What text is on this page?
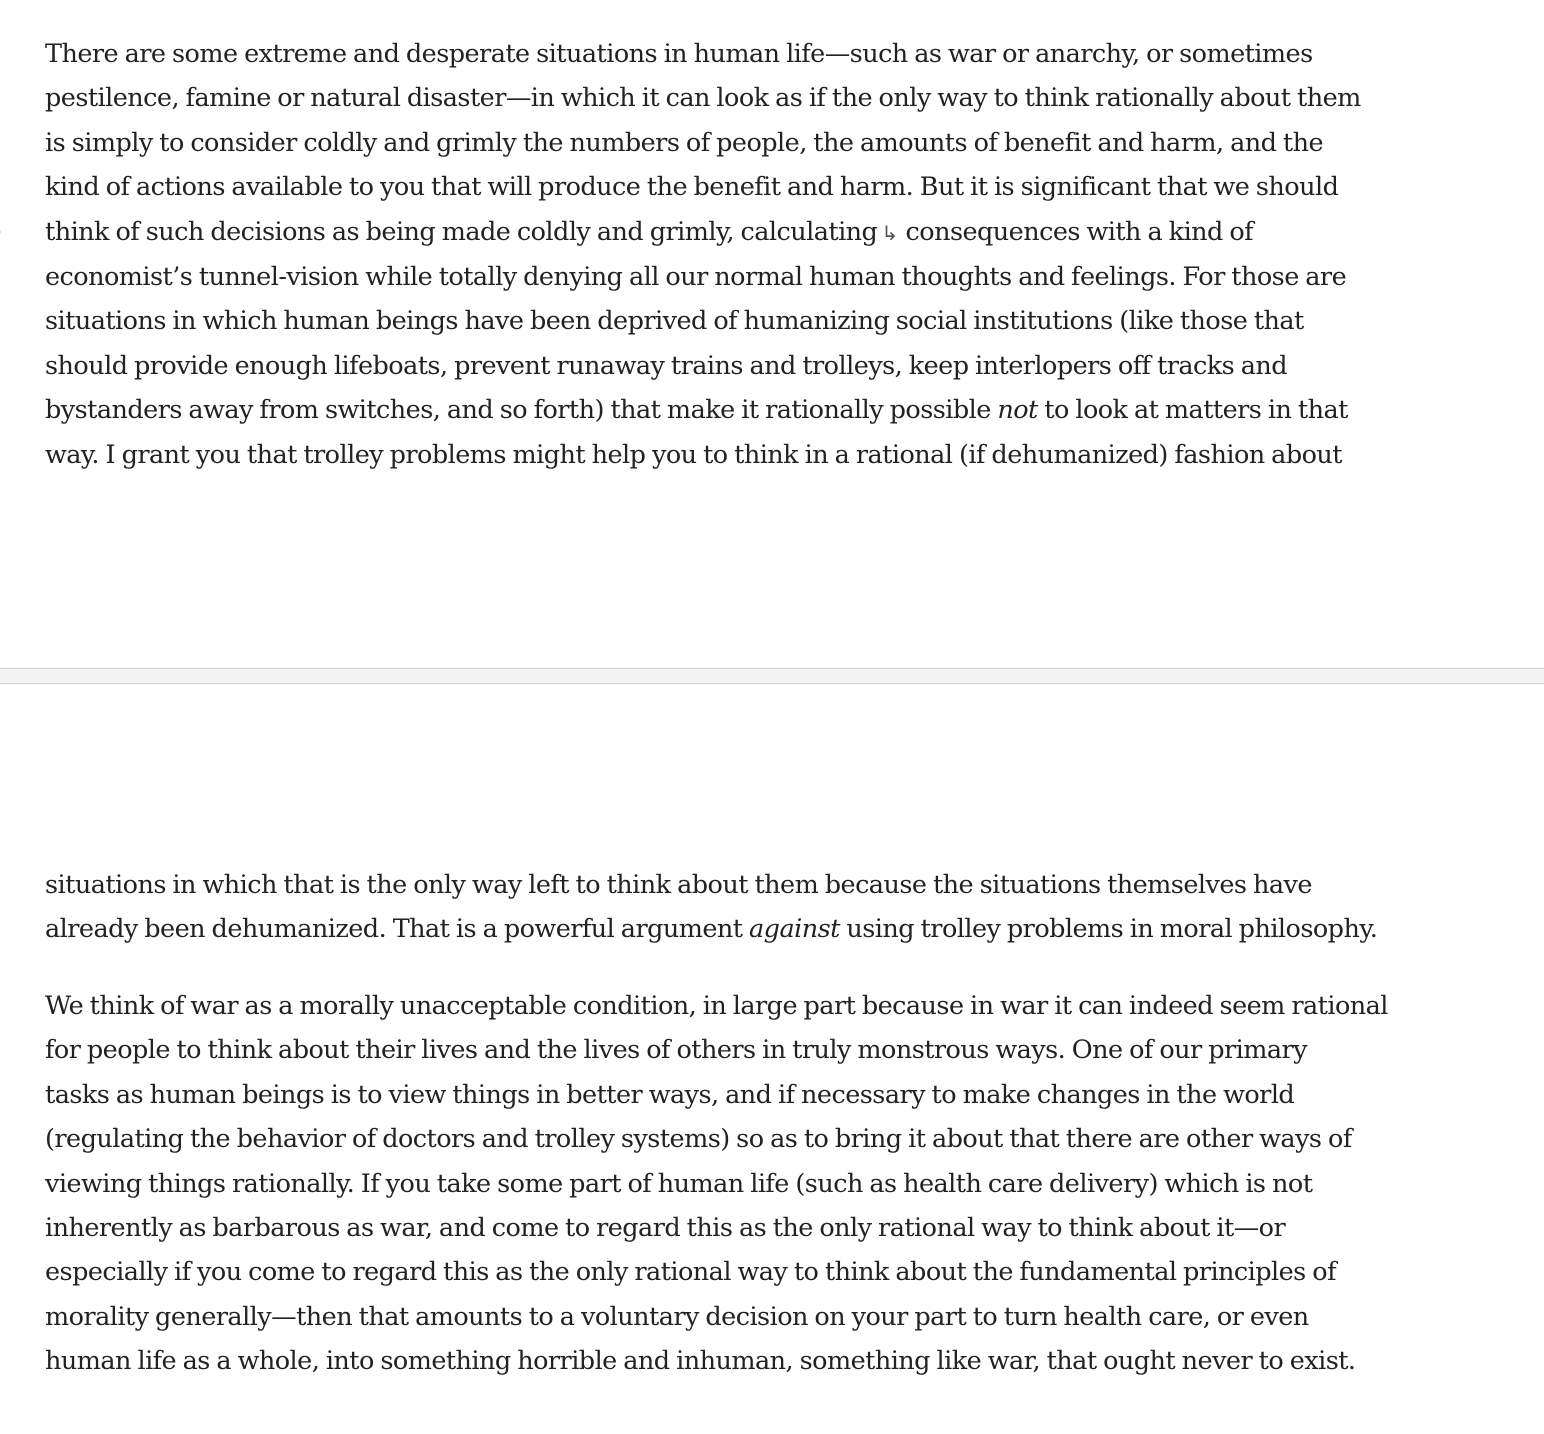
There are some extreme and desperate situations in human life—such as war or anarchy, or sometimes
pestilence, famine or natural disaster—in which it can look as if the only way to think rationally about them
is simply to consider coldly and grimly the numbers of people, the amounts of benefit and harm, and the
kind of actions available to you that will produce the benefit and harm. But it is significant that we should
think of such decisions as being made coldly and grimly, calculating ↳ consequences with a kind of
economist’s tunnel-vision while totally denying all our normal human thoughts and feelings. For those are
situations in which human beings have been deprived of humanizing social institutions (like those that
should provide enough lifeboats, prevent runaway trains and trolleys, keep interlopers off tracks and
bystanders away from switches, and so forth) that make it rationally possible not to look at matters in that
way. I grant you that trolley problems might help you to think in a rational (if dehumanized) fashion about
situations in which that is the only way left to think about them because the situations themselves have
already been dehumanized. That is a powerful argument against using trolley problems in moral philosophy.
We think of war as a morally unacceptable condition, in large part because in war it can indeed seem rational
for people to think about their lives and the lives of others in truly monstrous ways. One of our primary
tasks as human beings is to view things in better ways, and if necessary to make changes in the world
(regulating the behavior of doctors and trolley systems) so as to bring it about that there are other ways of
viewing things rationally. If you take some part of human life (such as health care delivery) which is not
inherently as barbarous as war, and come to regard this as the only rational way to think about it—or
especially if you come to regard this as the only rational way to think about the fundamental principles of
morality generally—then that amounts to a voluntary decision on your part to turn health care, or even
human life as a whole, into something horrible and inhuman, something like war, that ought never to exist.
